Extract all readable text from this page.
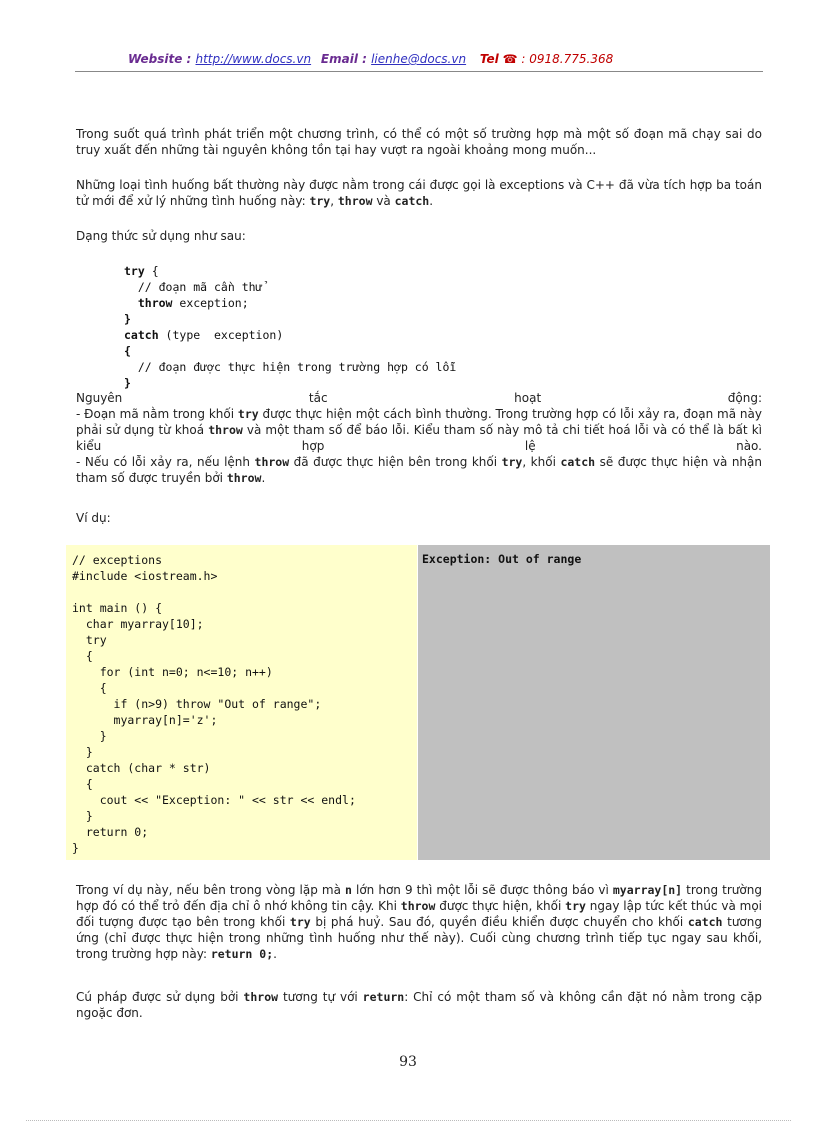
Website : http://www.docs.vn Email : lienhe@docs.vn Tel ☎ : 0918.775.368
Trong suốt quá trình phát triển một chương trình, có thể có một số trường hợp mà một số đoạn mã chạy sai do truy xuất đến những tài nguyên không tồn tại hay vượt ra ngoài khoảng mong muốn...
Những loại tình huống bất thường này được nằm trong cái được gọi là exceptions và C++ đã vừa tích hợp ba toán tử mới để xử lý những tình huống này: try, throw và catch.
Dạng thức sử dụng như sau:
try {
// đoạn mã cần thử
throw exception;
}
catch (type  exception)
{
// đoạn được thực hiện trong trường hợp có lỗi
}
Nguyên tắc hoạt động:
- Đoạn mã nằm trong khối try được thực hiện một cách bình thường. Trong trường hợp có lỗi xảy ra, đoạn mã này phải sử dụng từ khoá throw và một tham số để báo lỗi. Kiểu tham số này mô tả chi tiết hoá lỗi và có thể là bất kì kiểu hợp lệ nào.
- Nếu có lỗi xảy ra, nếu lệnh throw đã được thực hiện bên trong khối try, khối catch sẽ được thực hiện và nhận tham số được truyền bởi throw.
Ví dụ:
// exceptions
#include <iostream.h>

int main () {
char myarray[10];
try
{
for (int n=0; n<=10; n++)
{
if (n>9) throw "Out of range";
myarray[n]='z';
}
}
catch (char * str)
{
cout << "Exception: " << str << endl;
}
return 0;
}
Exception: Out of range
Trong ví dụ này, nếu bên trong vòng lặp mà n lớn hơn 9 thì một lỗi sẽ được thông báo vì myarray[n] trong trường hợp đó có thể trỏ đến địa chỉ ô nhớ không tin cậy. Khi throw được thực hiện, khối try ngay lập tức kết thúc và mọi đối tượng được tạo bên trong khối try bị phá huỷ. Sau đó, quyền điều khiển được chuyển cho khối catch tương ứng (chỉ được thực hiện trong những tình huống như thế này). Cuối cùng chương trình tiếp tục ngay sau khối, trong trường hợp này: return 0;.
Cú pháp được sử dụng bởi throw tương tự với return: Chỉ có một tham số và không cần đặt nó nằm trong cặp ngoặc đơn.
93
